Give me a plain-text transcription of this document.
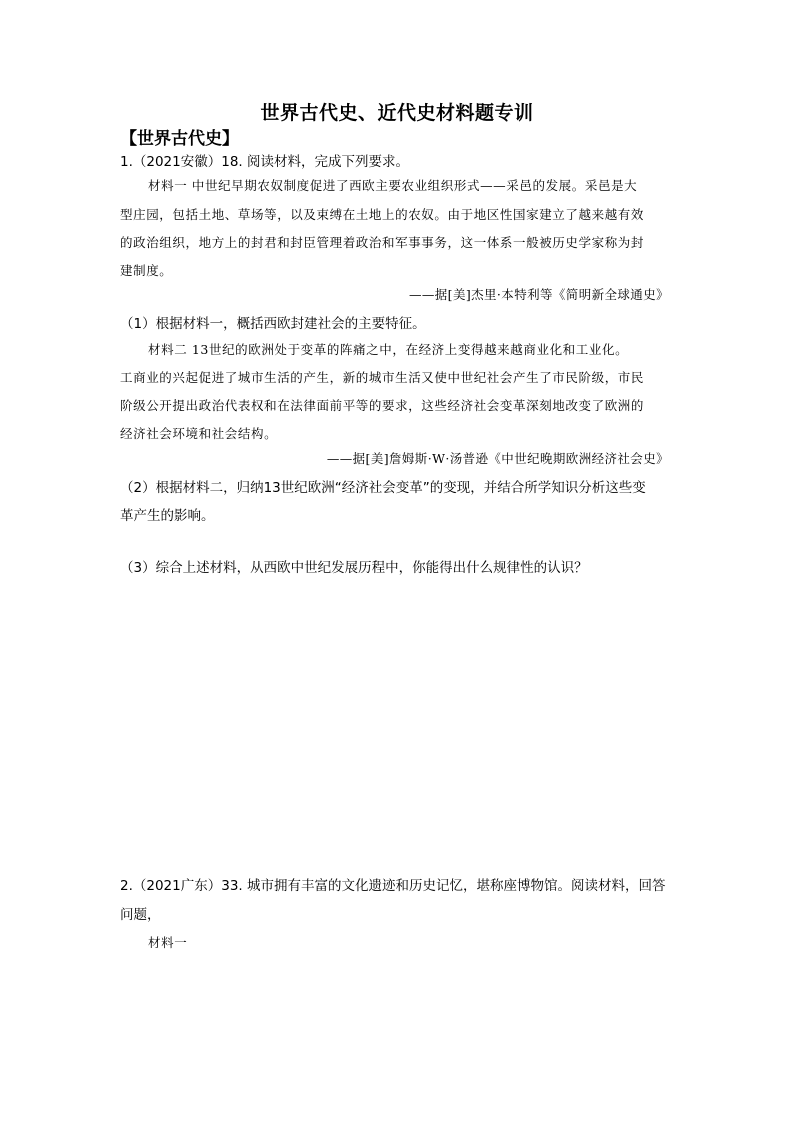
世界古代史、近代史材料题专训
【世界古代史】
1.（2021安徽）18. 阅读材料，完成下列要求。
材料一 中世纪早期农奴制度促进了西欧主要农业组织形式——采邑的发展。采邑是大
型庄园，包括土地、草场等，以及束缚在土地上的农奴。由于地区性国家建立了越来越有效
的政治组织，地方上的封君和封臣管理着政治和军事事务，这一体系一般被历史学家称为封
建制度。
——据[美]杰里·本特利等《简明新全球通史》
（1）根据材料一，概括西欧封建社会的主要特征。
材料二 13世纪的欧洲处于变革的阵痛之中，在经济上变得越来越商业化和工业化。
工商业的兴起促进了城市生活的产生，新的城市生活又使中世纪社会产生了市民阶级，市民
阶级公开提出政治代表权和在法律面前平等的要求，这些经济社会变革深刻地改变了欧洲的
经济社会环境和社会结构。
——据[美]詹姆斯·W·汤普逊《中世纪晚期欧洲经济社会史》
（2）根据材料二，归纳13世纪欧洲“经济社会变革”的变现，并结合所学知识分析这些变
革产生的影响。
（3）综合上述材料，从西欧中世纪发展历程中，你能得出什么规律性的认识？
2.（2021广东）33. 城市拥有丰富的文化遗迹和历史记忆，堪称座博物馆。阅读材料，回答
问题，
材料一
